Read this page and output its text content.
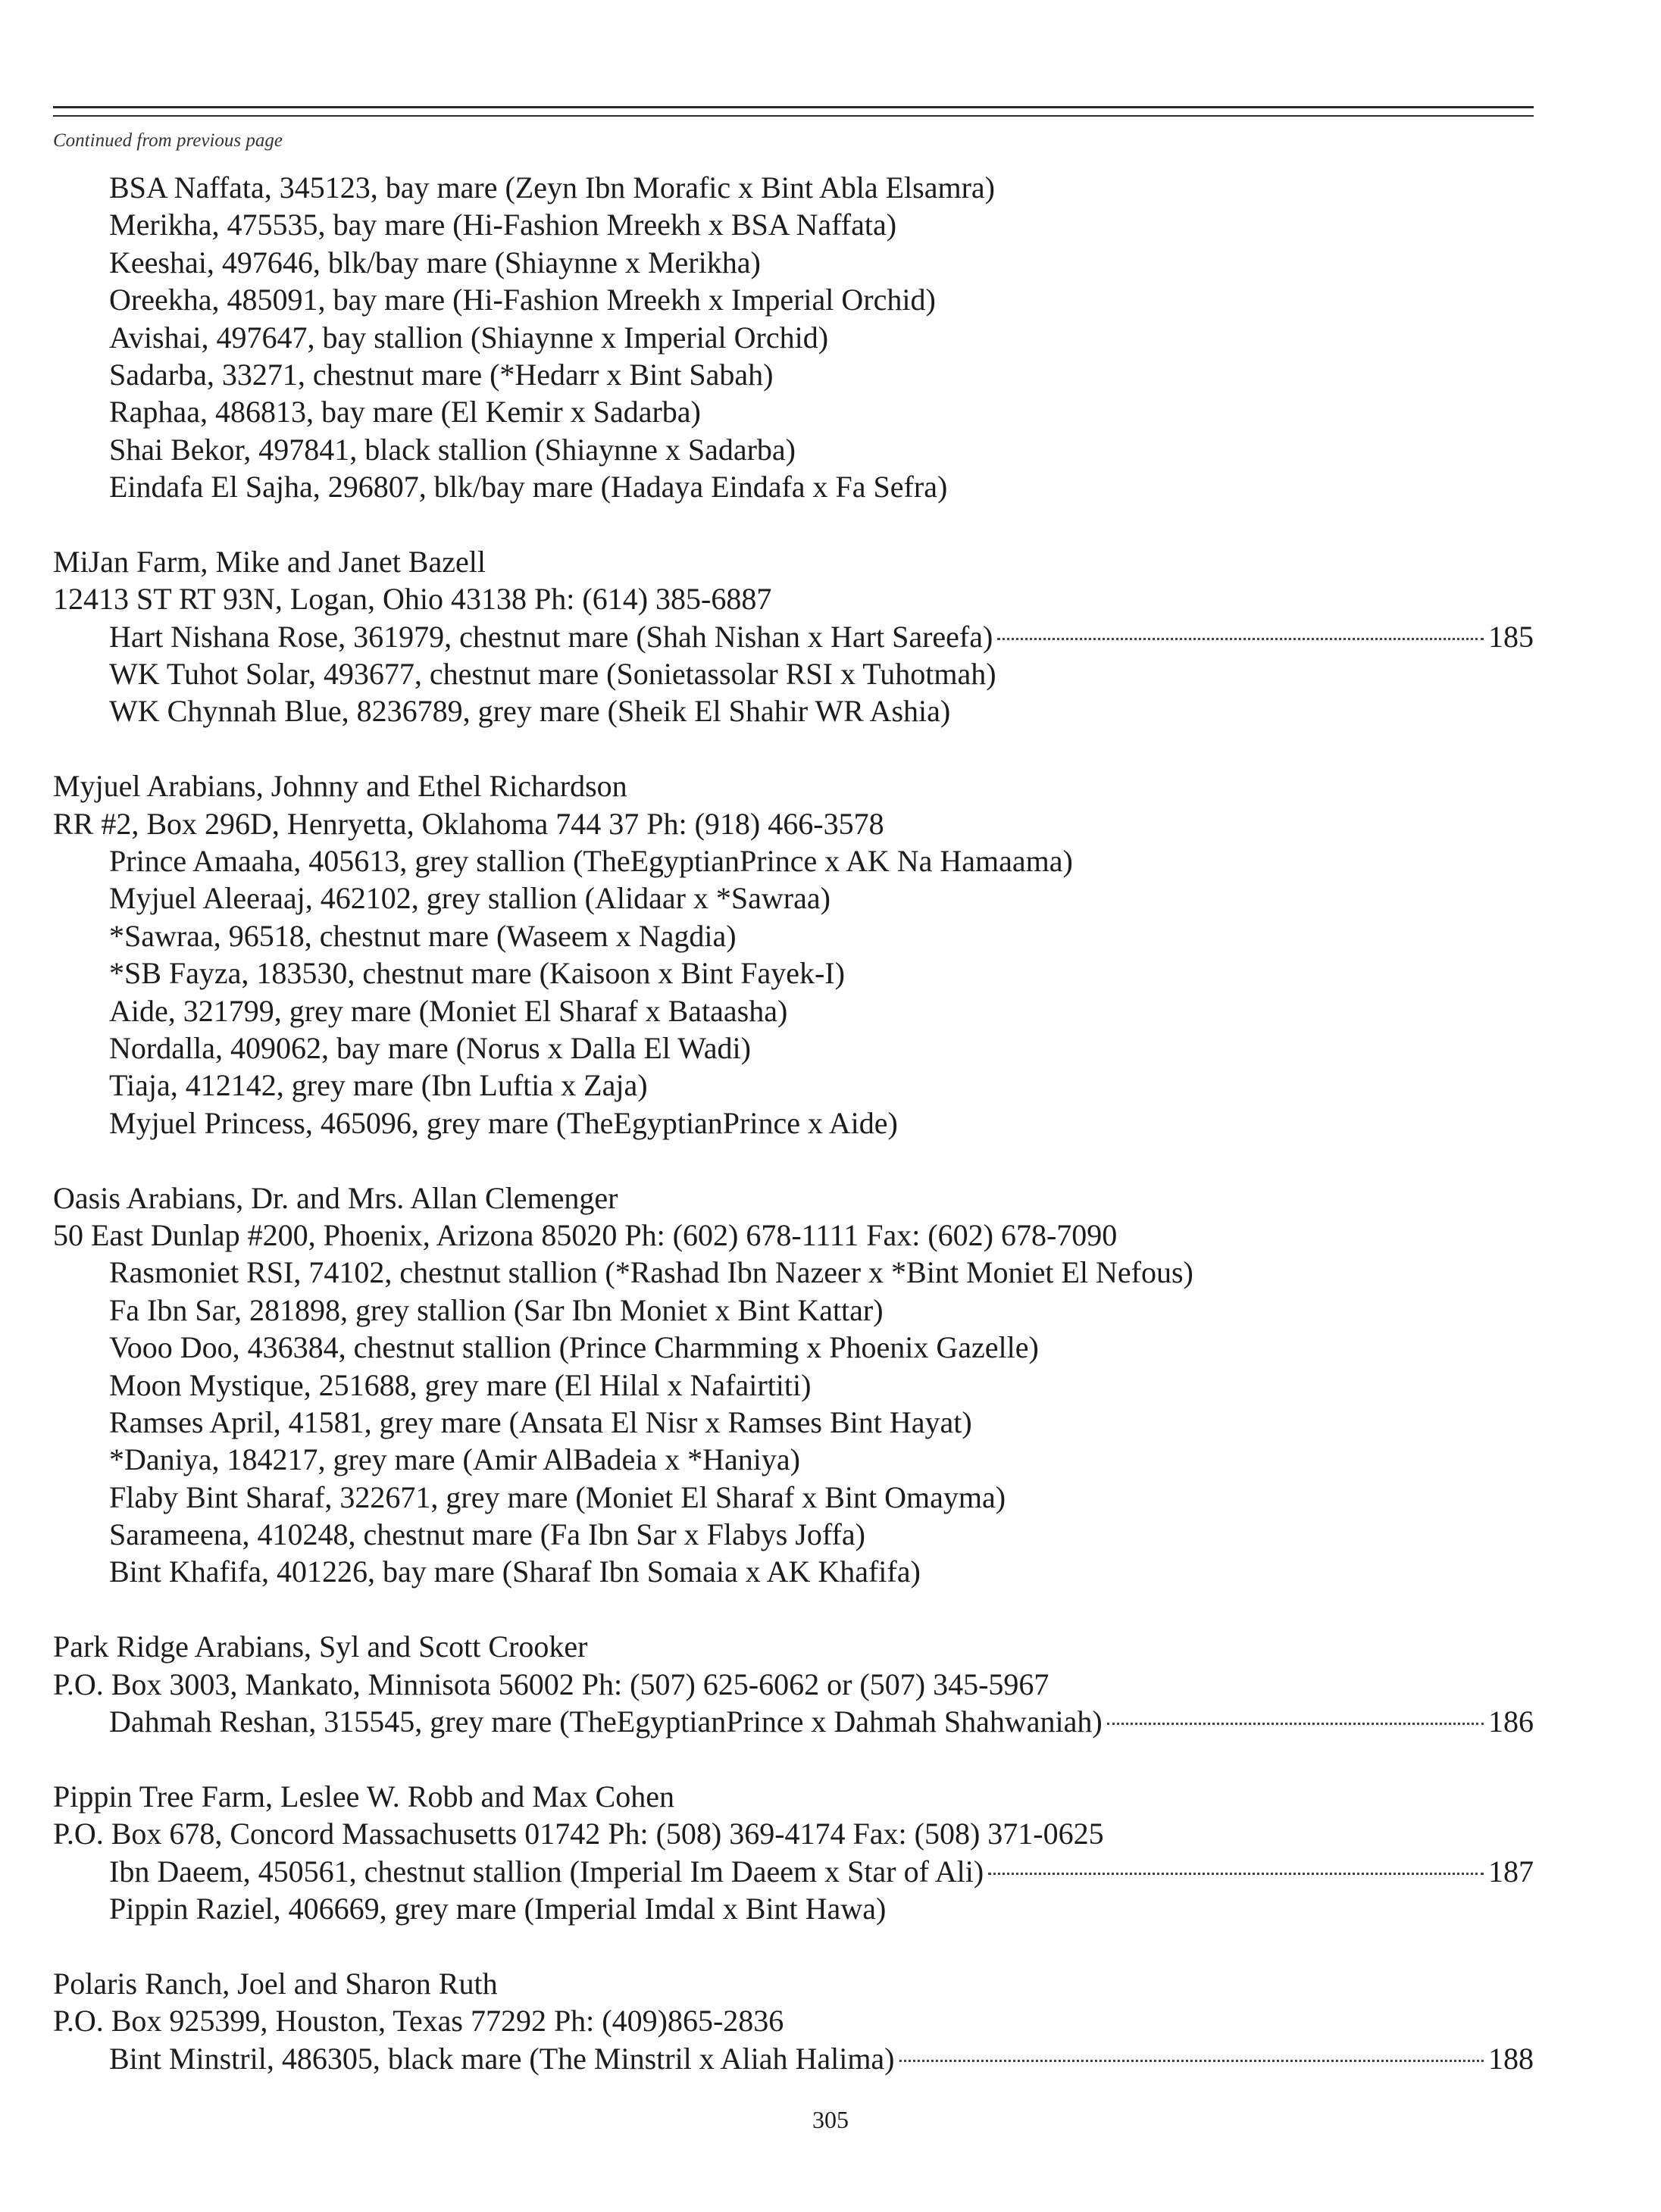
Continued from previous page
BSA Naffata, 345123, bay mare (Zeyn Ibn Morafic x Bint Abla Elsamra)
Merikha, 475535, bay mare (Hi-Fashion Mreekh x BSA Naffata)
Keeshai, 497646, blk/bay mare (Shiaynne x Merikha)
Oreekha, 485091, bay mare (Hi-Fashion Mreekh x Imperial Orchid)
Avishai, 497647, bay stallion (Shiaynne x Imperial Orchid)
Sadarba, 33271, chestnut mare (*Hedarr x Bint Sabah)
Raphaa, 486813, bay mare (El Kemir x Sadarba)
Shai Bekor, 497841, black stallion (Shiaynne x Sadarba)
Eindafa El Sajha, 296807, blk/bay mare (Hadaya Eindafa x Fa Sefra)
MiJan Farm, Mike and Janet Bazell
12413 ST RT 93N, Logan, Ohio 43138 Ph: (614) 385-6887
Hart Nishana Rose, 361979, chestnut mare (Shah Nishan x Hart Sareefa)	185
WK Tuhot Solar, 493677, chestnut mare (Sonietassolar RSI x Tuhotmah)
WK Chynnah Blue, 8236789, grey mare (Sheik El Shahir WR Ashia)
Myjuel Arabians, Johnny and Ethel Richardson
RR #2, Box 296D, Henryetta, Oklahoma 744 37 Ph: (918) 466-3578
Prince Amaaha, 405613, grey stallion (TheEgyptianPrince x AK Na Hamaama)
Myjuel Aleeraaj, 462102, grey stallion (Alidaar x *Sawraa)
*Sawraa, 96518, chestnut mare (Waseem x Nagdia)
*SB Fayza, 183530, chestnut mare (Kaisoon x Bint Fayek-I)
Aide, 321799, grey mare (Moniet El Sharaf x Bataasha)
Nordalla, 409062, bay mare (Norus x Dalla El Wadi)
Tiaja, 412142, grey mare (Ibn Luftia x Zaja)
Myjuel Princess, 465096, grey mare (TheEgyptianPrince x Aide)
Oasis Arabians, Dr. and Mrs. Allan Clemenger
50 East Dunlap #200, Phoenix, Arizona 85020 Ph: (602) 678-1111 Fax: (602) 678-7090
Rasmoniet RSI, 74102, chestnut stallion (*Rashad Ibn Nazeer x *Bint Moniet El Nefous)
Fa Ibn Sar, 281898, grey stallion (Sar Ibn Moniet x Bint Kattar)
Vooo Doo, 436384, chestnut stallion (Prince Charmming x Phoenix Gazelle)
Moon Mystique, 251688, grey mare (El Hilal x Nafairtiti)
Ramses April, 41581, grey mare (Ansata El Nisr x Ramses Bint Hayat)
*Daniya, 184217, grey mare (Amir AlBadeia x *Haniya)
Flaby Bint Sharaf, 322671, grey mare (Moniet El Sharaf x Bint Omayma)
Sarameena, 410248, chestnut mare (Fa Ibn Sar x Flabys Joffa)
Bint Khafifa, 401226, bay mare (Sharaf Ibn Somaia x AK Khafifa)
Park Ridge Arabians, Syl and Scott Crooker
P.O. Box 3003, Mankato, Minnisota 56002 Ph: (507) 625-6062 or (507) 345-5967
Dahmah Reshan, 315545, grey mare (TheEgyptianPrince x Dahmah Shahwaniah)	186
Pippin Tree Farm, Leslee W. Robb and Max Cohen
P.O. Box 678, Concord Massachusetts 01742 Ph: (508) 369-4174 Fax: (508) 371-0625
Ibn Daeem, 450561, chestnut stallion (Imperial Im Daeem x Star of Ali)	187
Pippin Raziel, 406669, grey mare (Imperial Imdal x Bint Hawa)
Polaris Ranch, Joel and Sharon Ruth
P.O. Box 925399, Houston, Texas 77292 Ph: (409)865-2836
Bint Minstril, 486305, black mare (The Minstril x Aliah Halima)	188
305
